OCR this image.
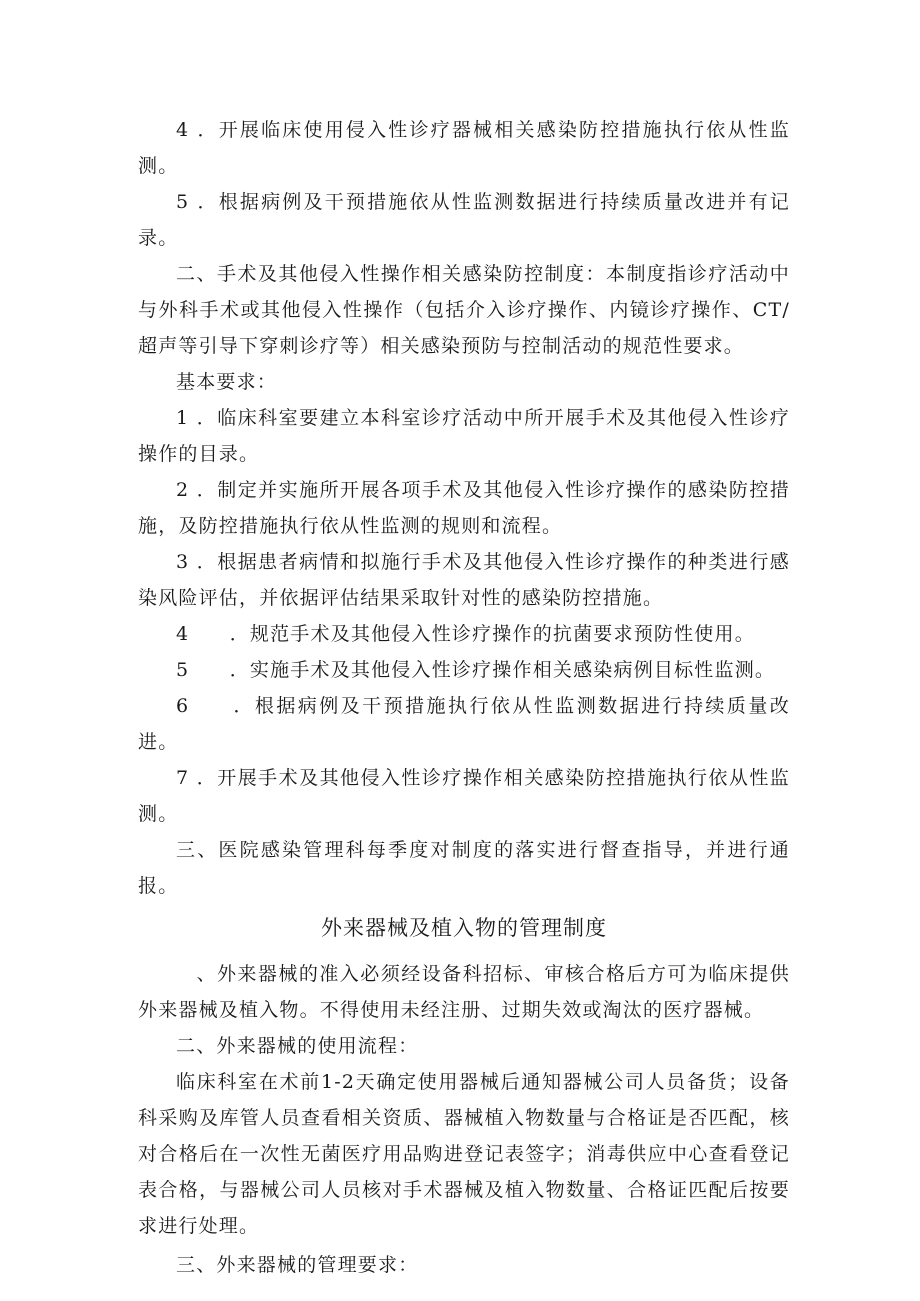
4 ．开展临床使用侵入性诊疗器械相关感染防控措施执行依从性监测。

5 ．根据病例及干预措施依从性监测数据进行持续质量改进并有记录。

二、手术及其他侵入性操作相关感染防控制度：本制度指诊疗活动中与外科手术或其他侵入性操作（包括介入诊疗操作、内镜诊疗操作、CT/超声等引导下穿刺诊疗等）相关感染预防与控制活动的规范性要求。

基本要求：

1 ．临床科室要建立本科室诊疗活动中所开展手术及其他侵入性诊疗操作的目录。

2 ．制定并实施所开展各项手术及其他侵入性诊疗操作的感染防控措施，及防控措施执行依从性监测的规则和流程。

3 ．根据患者病情和拟施行手术及其他侵入性诊疗操作的种类进行感染风险评估，并依据评估结果采取针对性的感染防控措施。

4　　．规范手术及其他侵入性诊疗操作的抗菌要求预防性使用。

5　　．实施手术及其他侵入性诊疗操作相关感染病例目标性监测。

6　　．根据病例及干预措施执行依从性监测数据进行持续质量改进。

7 ．开展手术及其他侵入性诊疗操作相关感染防控措施执行依从性监测。

三、医院感染管理科每季度对制度的落实进行督查指导，并进行通报。

外来器械及植入物的管理制度

　、外来器械的准入必须经设备科招标、审核合格后方可为临床提供外来器械及植入物。不得使用未经注册、过期失效或淘汰的医疗器械。

二、外来器械的使用流程：

临床科室在术前1-2天确定使用器械后通知器械公司人员备货；设备科采购及库管人员查看相关资质、器械植入物数量与合格证是否匹配，核对合格后在一次性无菌医疗用品购进登记表签字；消毒供应中心查看登记表合格，与器械公司人员核对手术器械及植入物数量、合格证匹配后按要求进行处理。

三、外来器械的管理要求：
